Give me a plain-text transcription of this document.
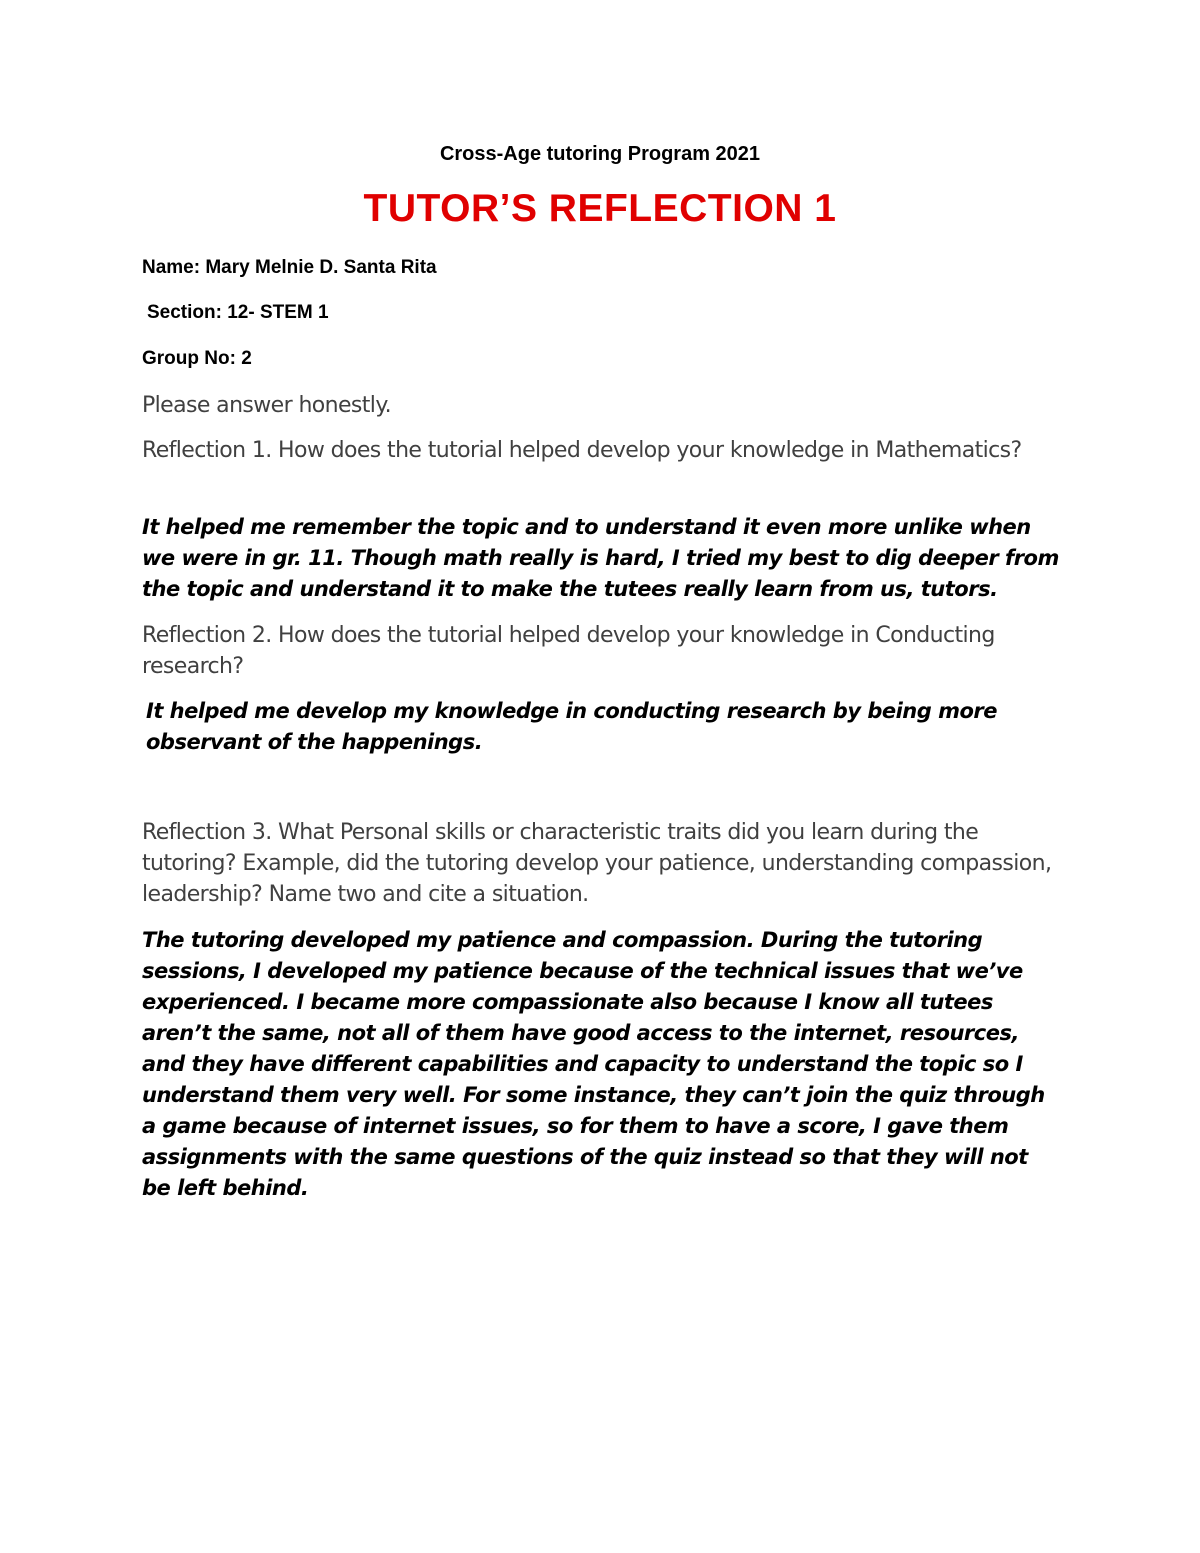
Cross-Age tutoring Program 2021
TUTOR’S REFLECTION 1
Name: Mary Melnie D. Santa Rita
Section: 12- STEM 1
Group No: 2
Please answer honestly.
Reflection 1. How does the tutorial helped develop your knowledge in Mathematics?
It helped me remember the topic and to understand it even more unlike when we were in gr. 11. Though math really is hard, I tried my best to dig deeper from the topic and understand it to make the tutees really learn from us, tutors.
Reflection 2. How does the tutorial helped develop your knowledge in Conducting research?
It helped me develop my knowledge in conducting research by being more observant of the happenings.
Reflection 3. What Personal skills or characteristic traits did you learn during the tutoring? Example, did the tutoring develop your patience, understanding compassion, leadership? Name two and cite a situation.
The tutoring developed my patience and compassion. During the tutoring sessions, I developed my patience because of the technical issues that we’ve experienced. I became more compassionate also because I know all tutees aren’t the same, not all of them have good access to the internet, resources, and they have different capabilities and capacity to understand the topic so I understand them very well. For some instance, they can’t join the quiz through a game because of internet issues, so for them to have a score, I gave them assignments with the same questions of the quiz instead so that they will not be left behind.
